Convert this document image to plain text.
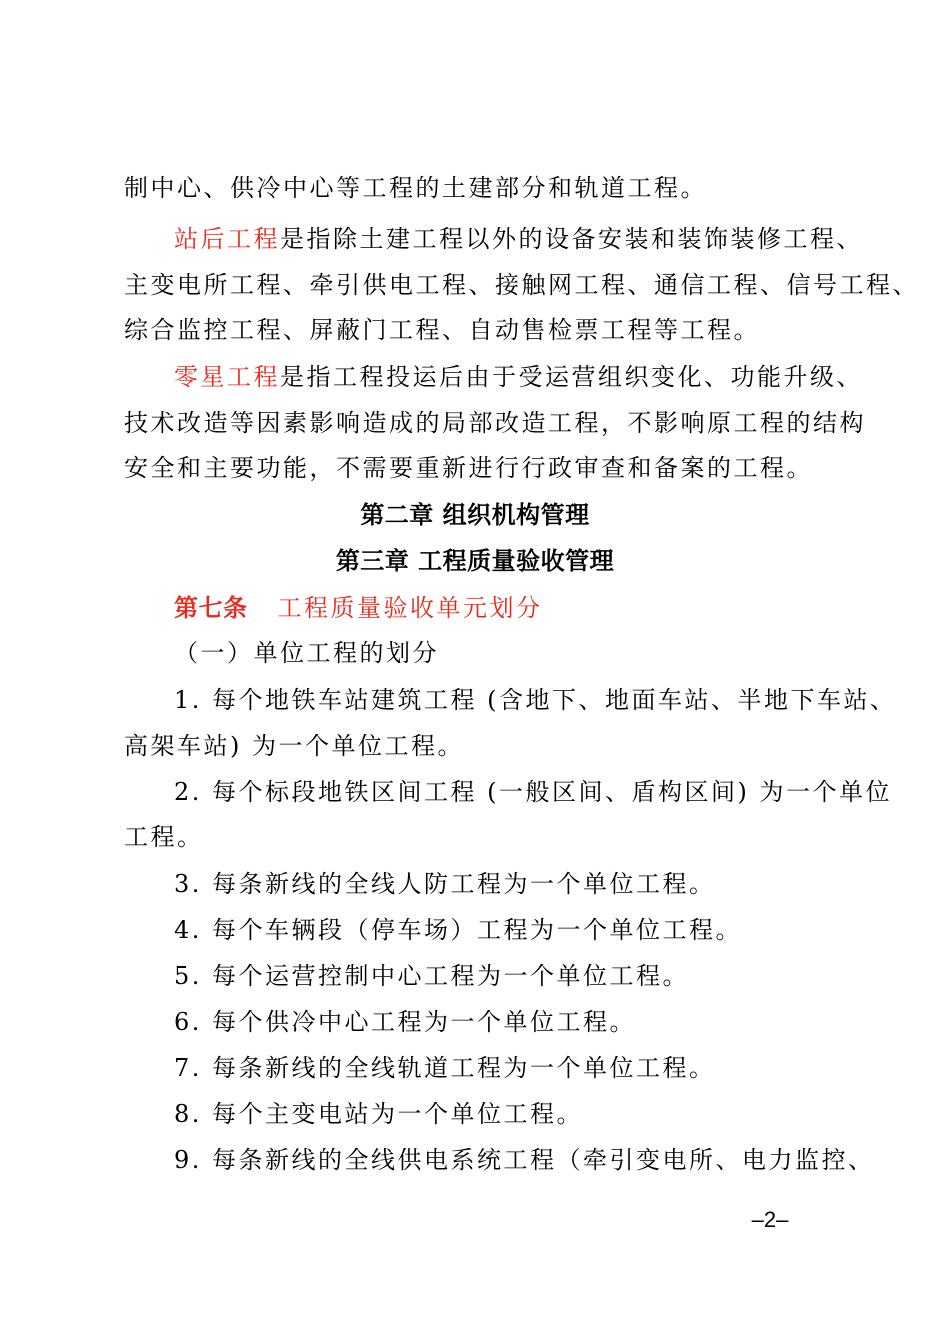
制中心、供冷中心等工程的土建部分和轨道工程。
站后工程是指除土建工程以外的设备安装和装饰装修工程、
主变电所工程、牵引供电工程、接触网工程、通信工程、信号工程、
综合监控工程、屏蔽门工程、自动售检票工程等工程。
零星工程是指工程投运后由于受运营组织变化、功能升级、
技术改造等因素影响造成的局部改造工程，不影响原工程的结构
安全和主要功能，不需要重新进行行政审查和备案的工程。
第二章 组织机构管理
第三章 工程质量验收管理
第七条 工程质量验收单元划分
（一）单位工程的划分
1. 每个地铁车站建筑工程 (含地下、地面车站、半地下车站、
高架车站) 为一个单位工程。
2. 每个标段地铁区间工程 (一般区间、盾构区间) 为一个单位
工程。
3. 每条新线的全线人防工程为一个单位工程。
4. 每个车辆段（停车场）工程为一个单位工程。
5. 每个运营控制中心工程为一个单位工程。
6. 每个供冷中心工程为一个单位工程。
7. 每条新线的全线轨道工程为一个单位工程。
8. 每个主变电站为一个单位工程。
9. 每条新线的全线供电系统工程（牵引变电所、电力监控、
–2–
